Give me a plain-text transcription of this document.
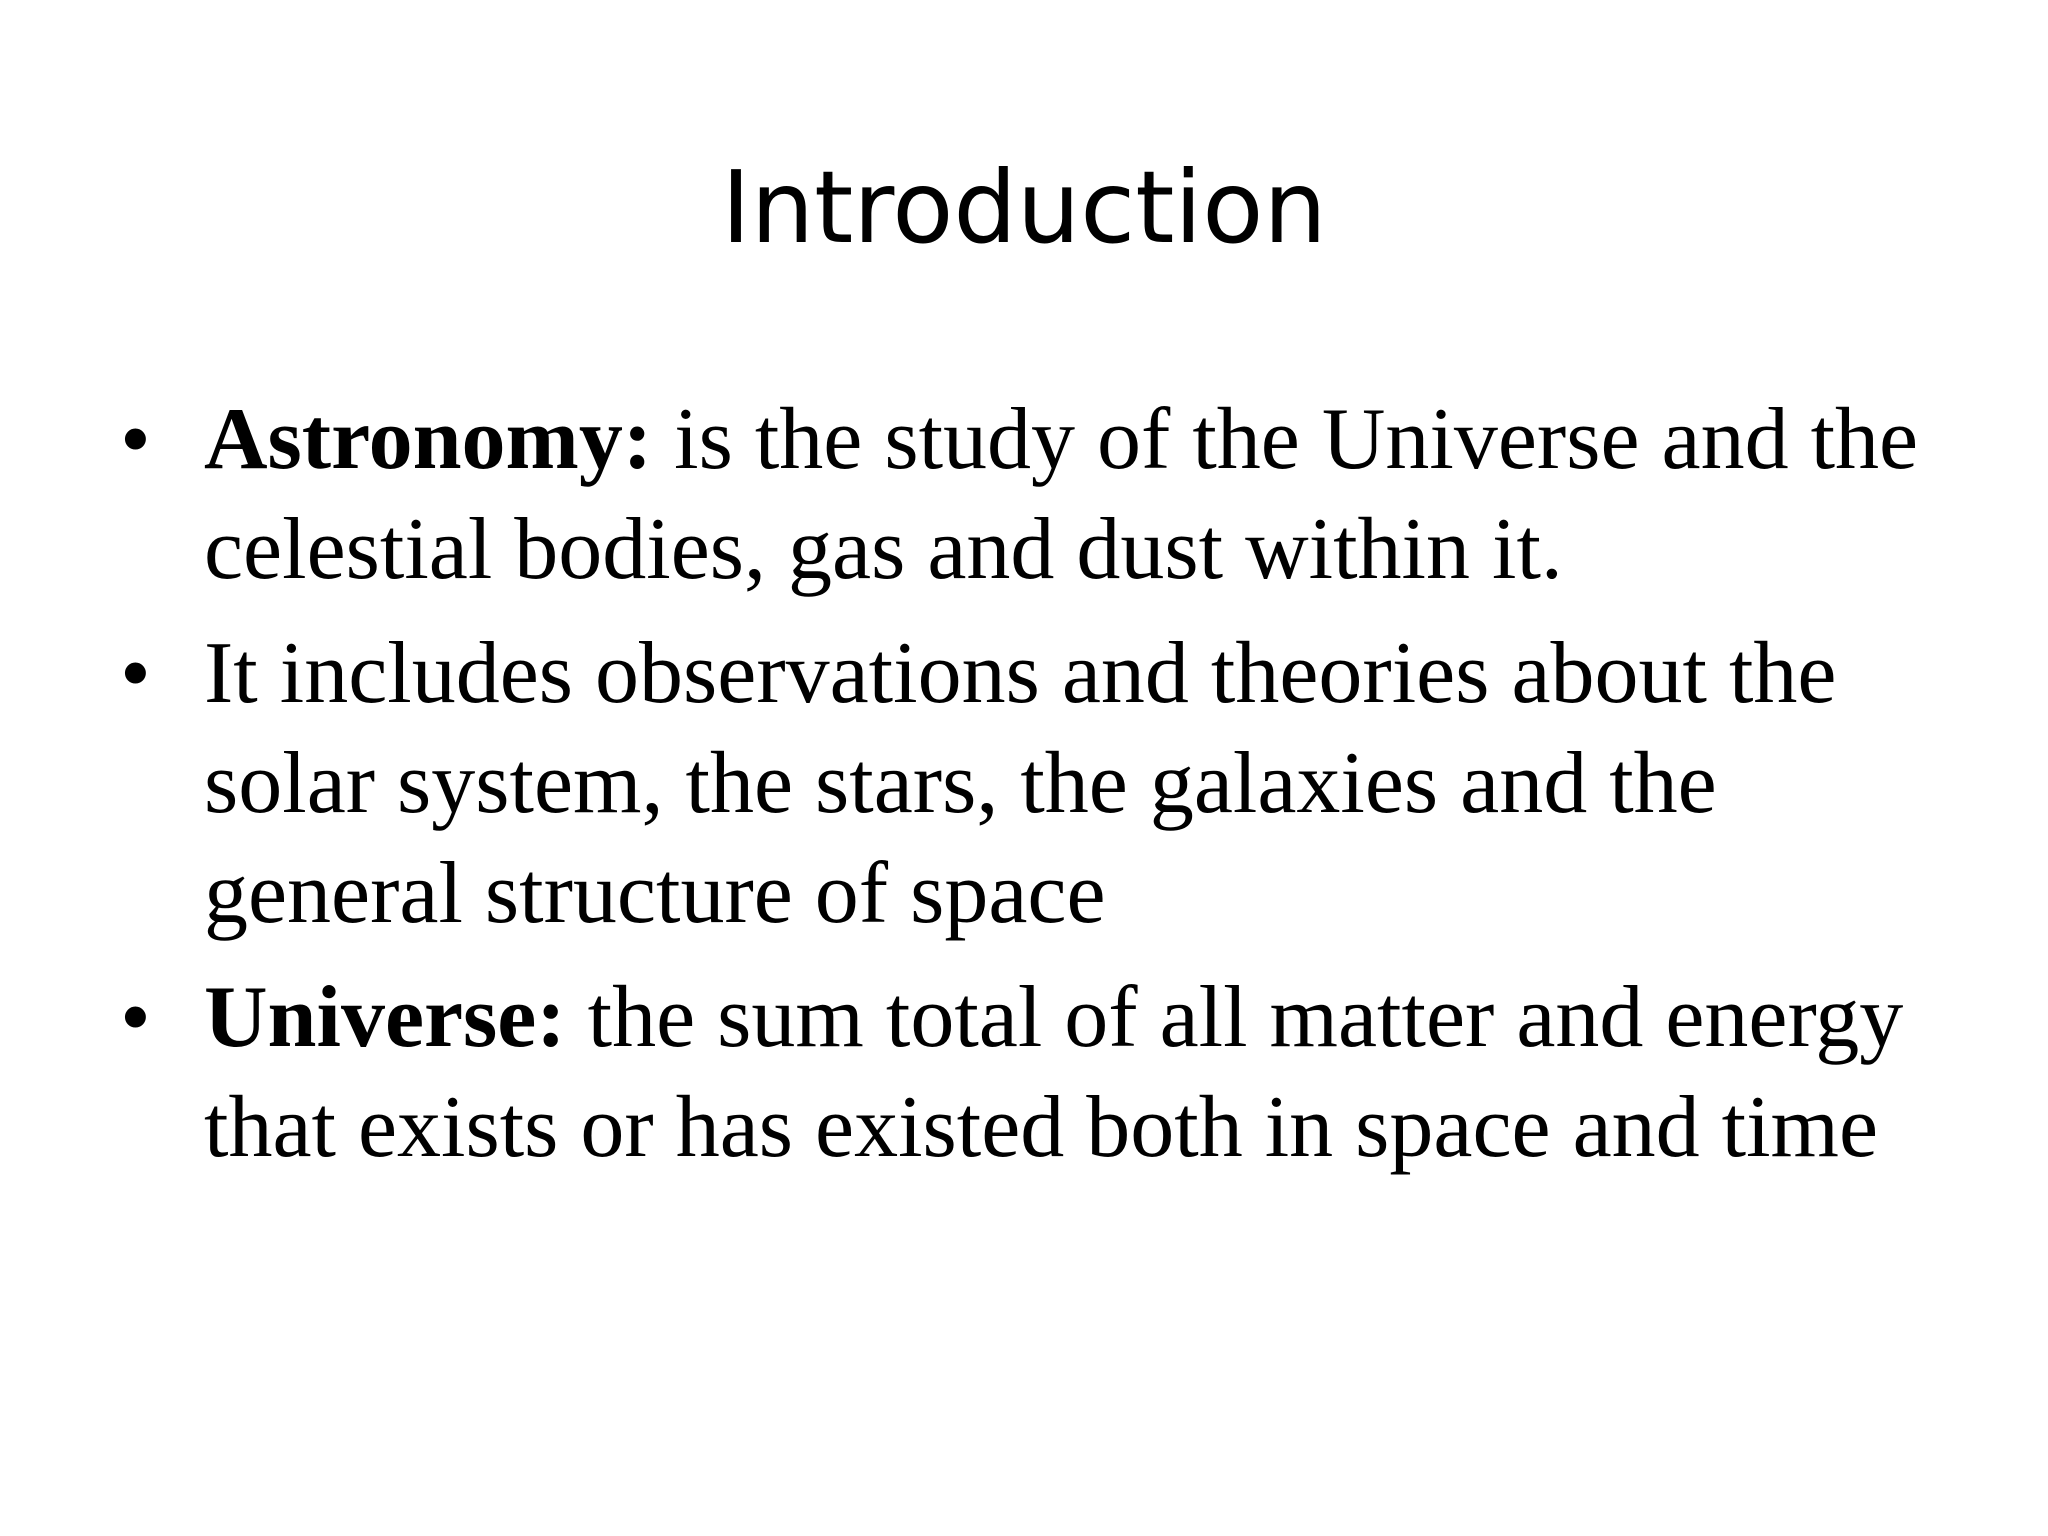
Introduction
• Astronomy: is the study of the Universe and the celestial bodies, gas and dust within it.
• It includes observations and theories about the solar system, the stars, the galaxies and the general structure of space
• Universe: the sum total of all matter and energy that exists or has existed both in space and time
